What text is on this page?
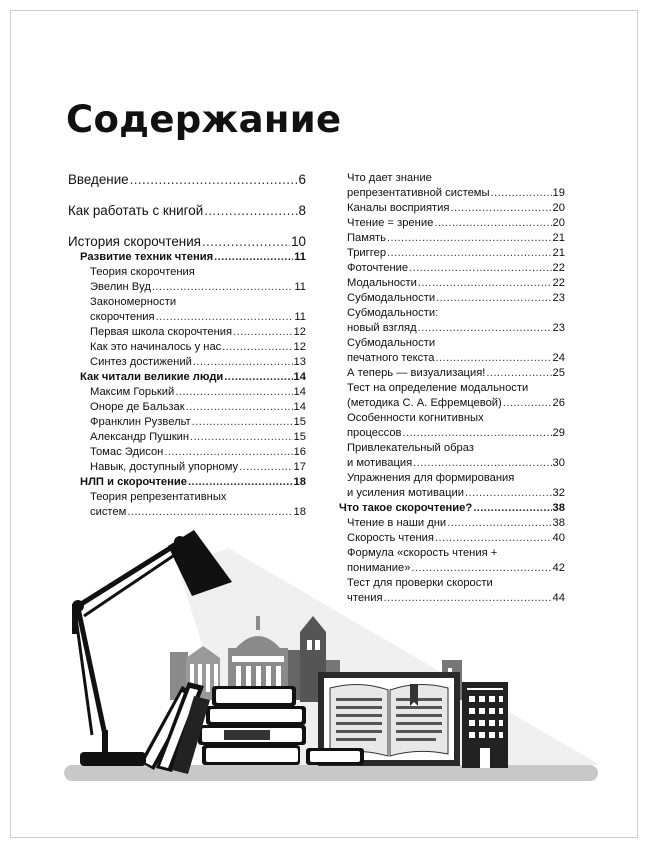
Содержание
Введение .....	6
Как работать с книгой .....	8
История скорочтения .....	10
Развитие техник чтения .....	11
Теория скорочтения
Эвелин Вуд .....	11
Закономерности
скорочтения .....	11
Первая школа скорочтения .....	12
Как это начиналось у нас .....	12
Синтез достижений .....	13
Как читали великие люди .....	14
Максим Горький .....	14
Оноре де Бальзак .....	14
Франклин Рузвельт .....	15
Александр Пушкин .....	15
Томас Эдисон .....	16
Навык, доступный упорному .....	17
НЛП и скорочтение .....	18
Теория репрезентативных
систем .....	18
Что дает знание
репрезентативной системы .....	19
Каналы восприятия .....	20
Чтение = зрение .....	20
Память .....	21
Триггер .....	21
Фоточтение .....	22
Модальности .....	22
Субмодальности .....	23
Субмодальности:
новый взгляд .....	23
Субмодальности
печатного текста .....	24
А теперь — визуализация! .....	25
Тест на определение модальности
(методика С. А. Ефремцевой) .....	26
Особенности когнитивных
процессов .....	29
Привлекательный образ
и мотивация .....	30
Упражнения для формирования
и усиления мотивации .....	32
Что такое скорочтение? .....	38
Чтение в наши дни .....	38
Скорость чтения .....	40
Формула «скорость чтения +
понимание» .....	42
Тест для проверки скорости
чтения .....	44
